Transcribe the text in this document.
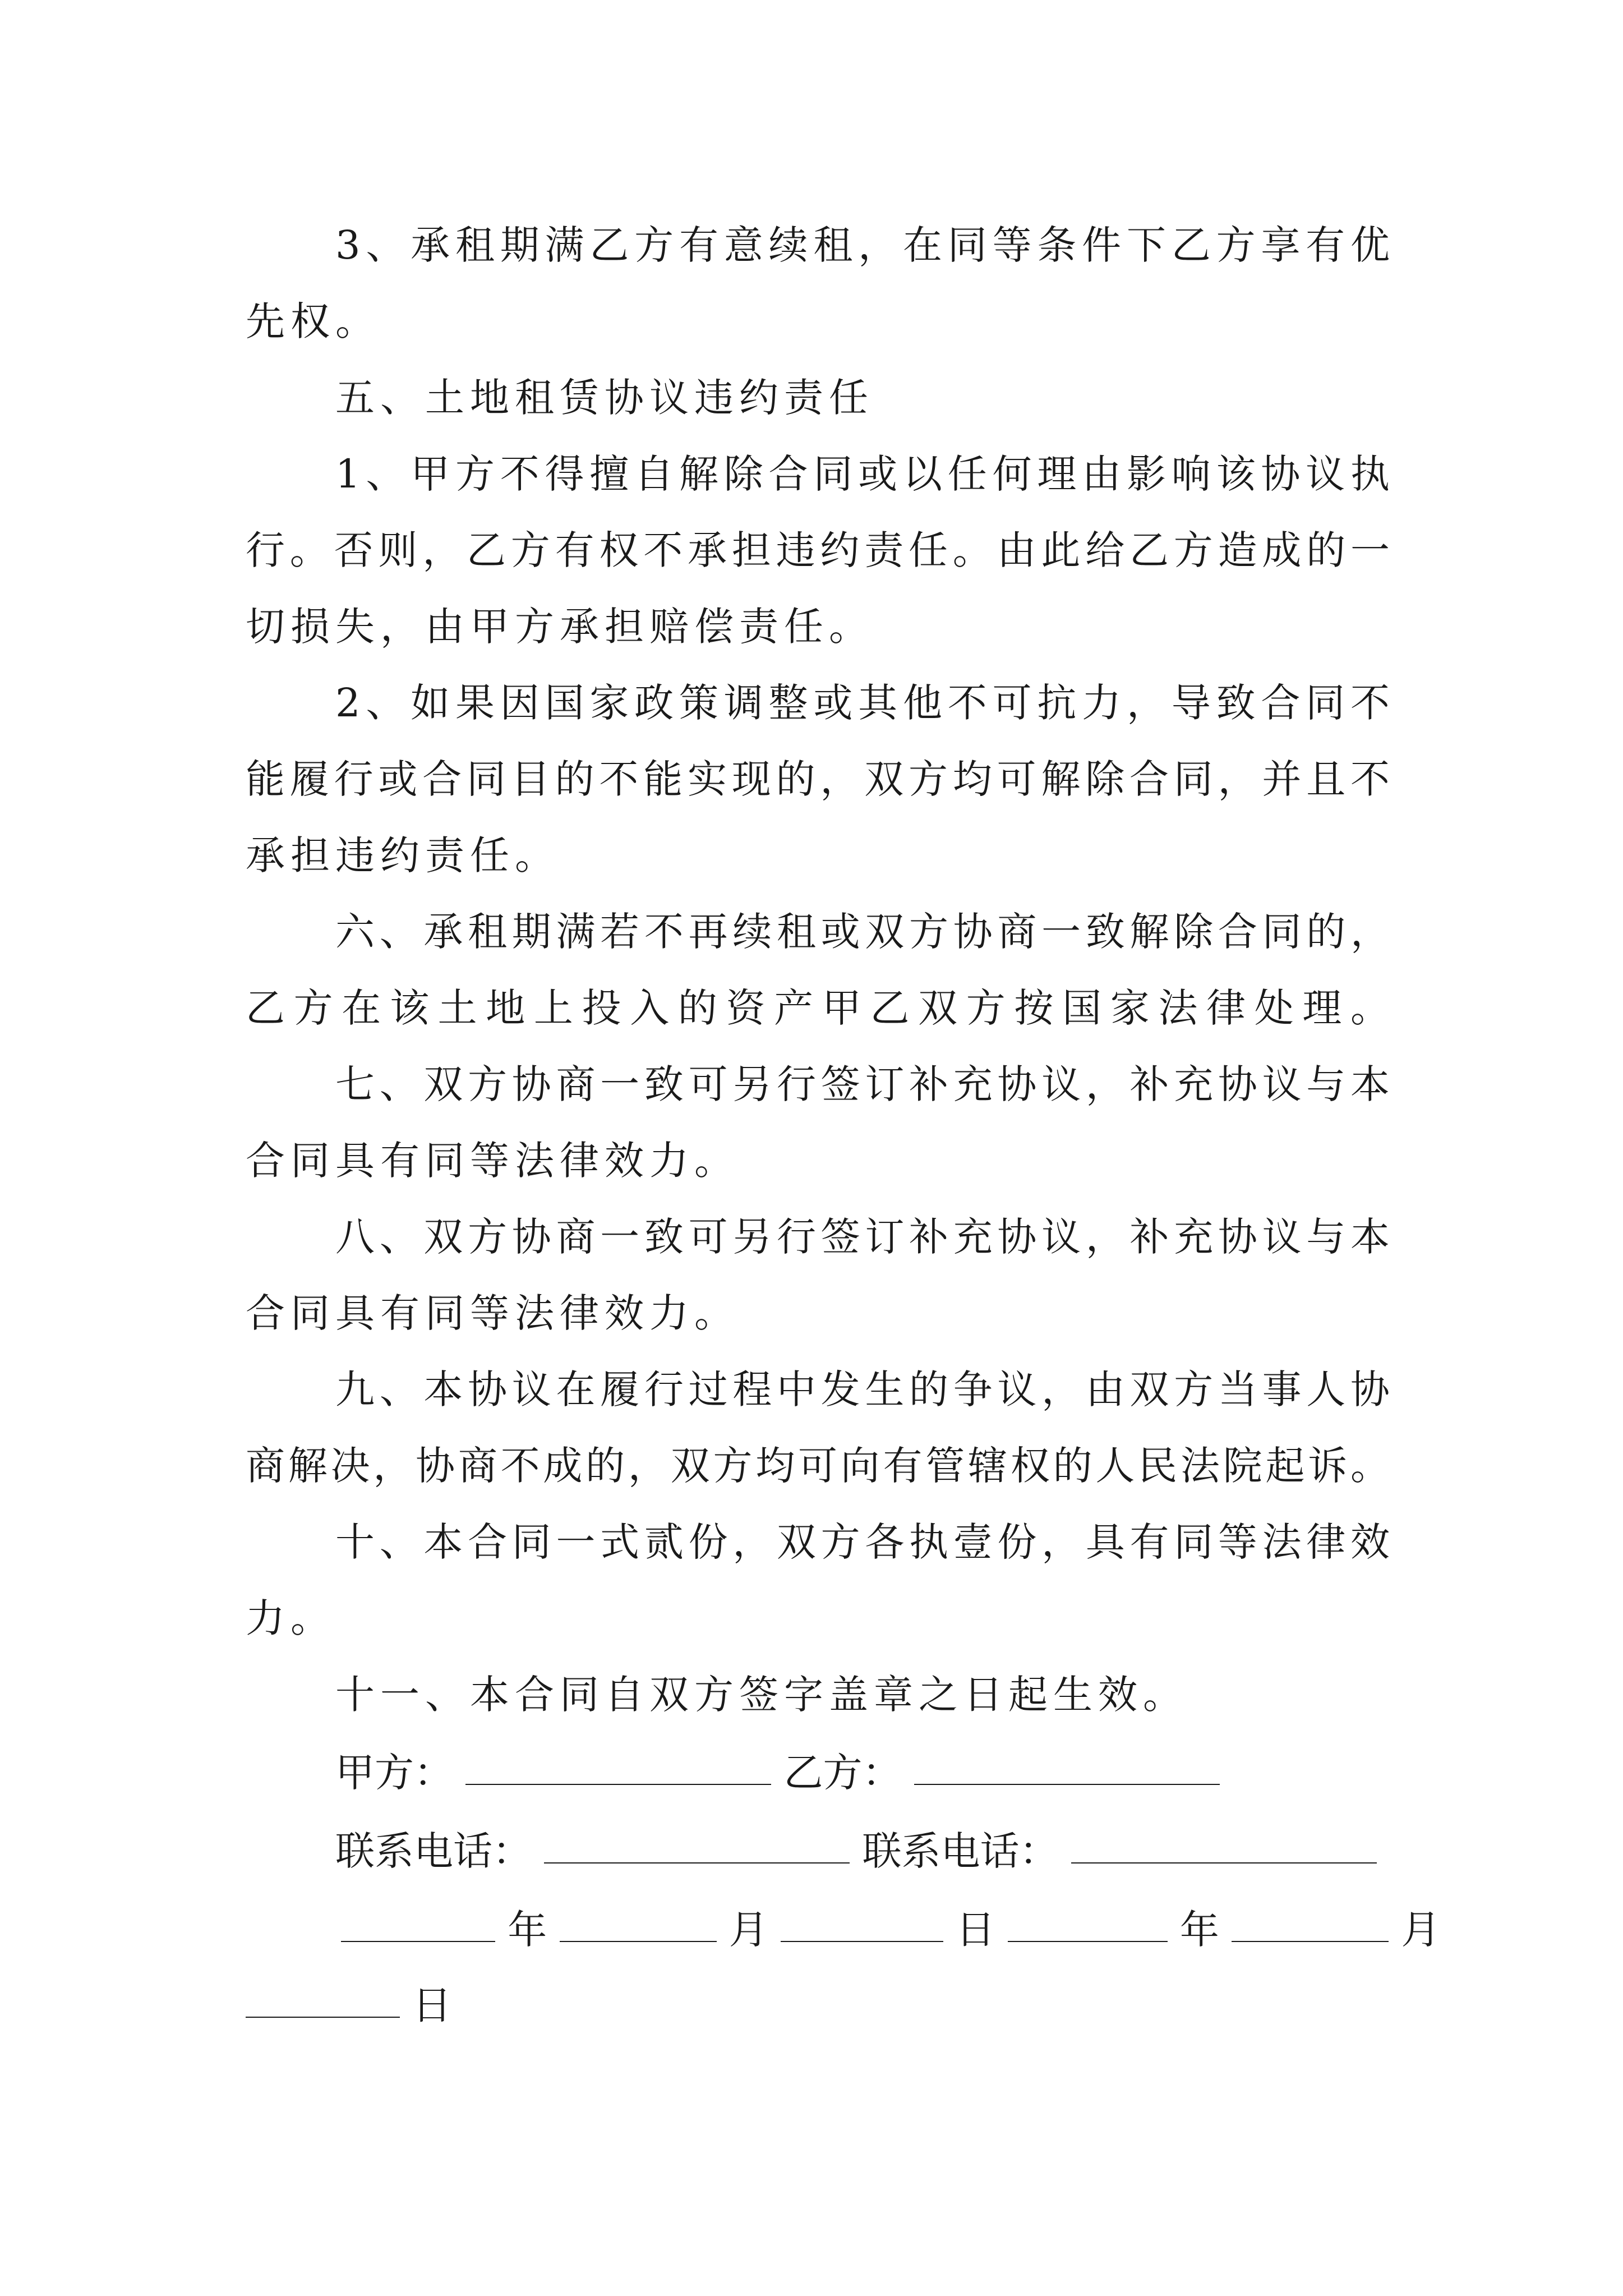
3、承租期满乙方有意续租，在同等条件下乙方享有优
先权。
五、土地租赁协议违约责任
1、甲方不得擅自解除合同或以任何理由影响该协议执
行。否则，乙方有权不承担违约责任。由此给乙方造成的一
切损失，由甲方承担赔偿责任。
2、如果因国家政策调整或其他不可抗力，导致合同不
能履行或合同目的不能实现的，双方均可解除合同，并且不
承担违约责任。
六、承租期满若不再续租或双方协商一致解除合同的，
乙方在该土地上投入的资产甲乙双方按国家法律处理。
七、双方协商一致可另行签订补充协议，补充协议与本
合同具有同等法律效力。
八、双方协商一致可另行签订补充协议，补充协议与本
合同具有同等法律效力。
九、本协议在履行过程中发生的争议，由双方当事人协
商解决，协商不成的，双方均可向有管辖权的人民法院起诉。
十、本合同一式贰份，双方各执壹份，具有同等法律效
力。
十一、本合同自双方签字盖章之日起生效。
甲方：	乙方：
联系电话：	联系电话：
年	月	日	年	月
日
